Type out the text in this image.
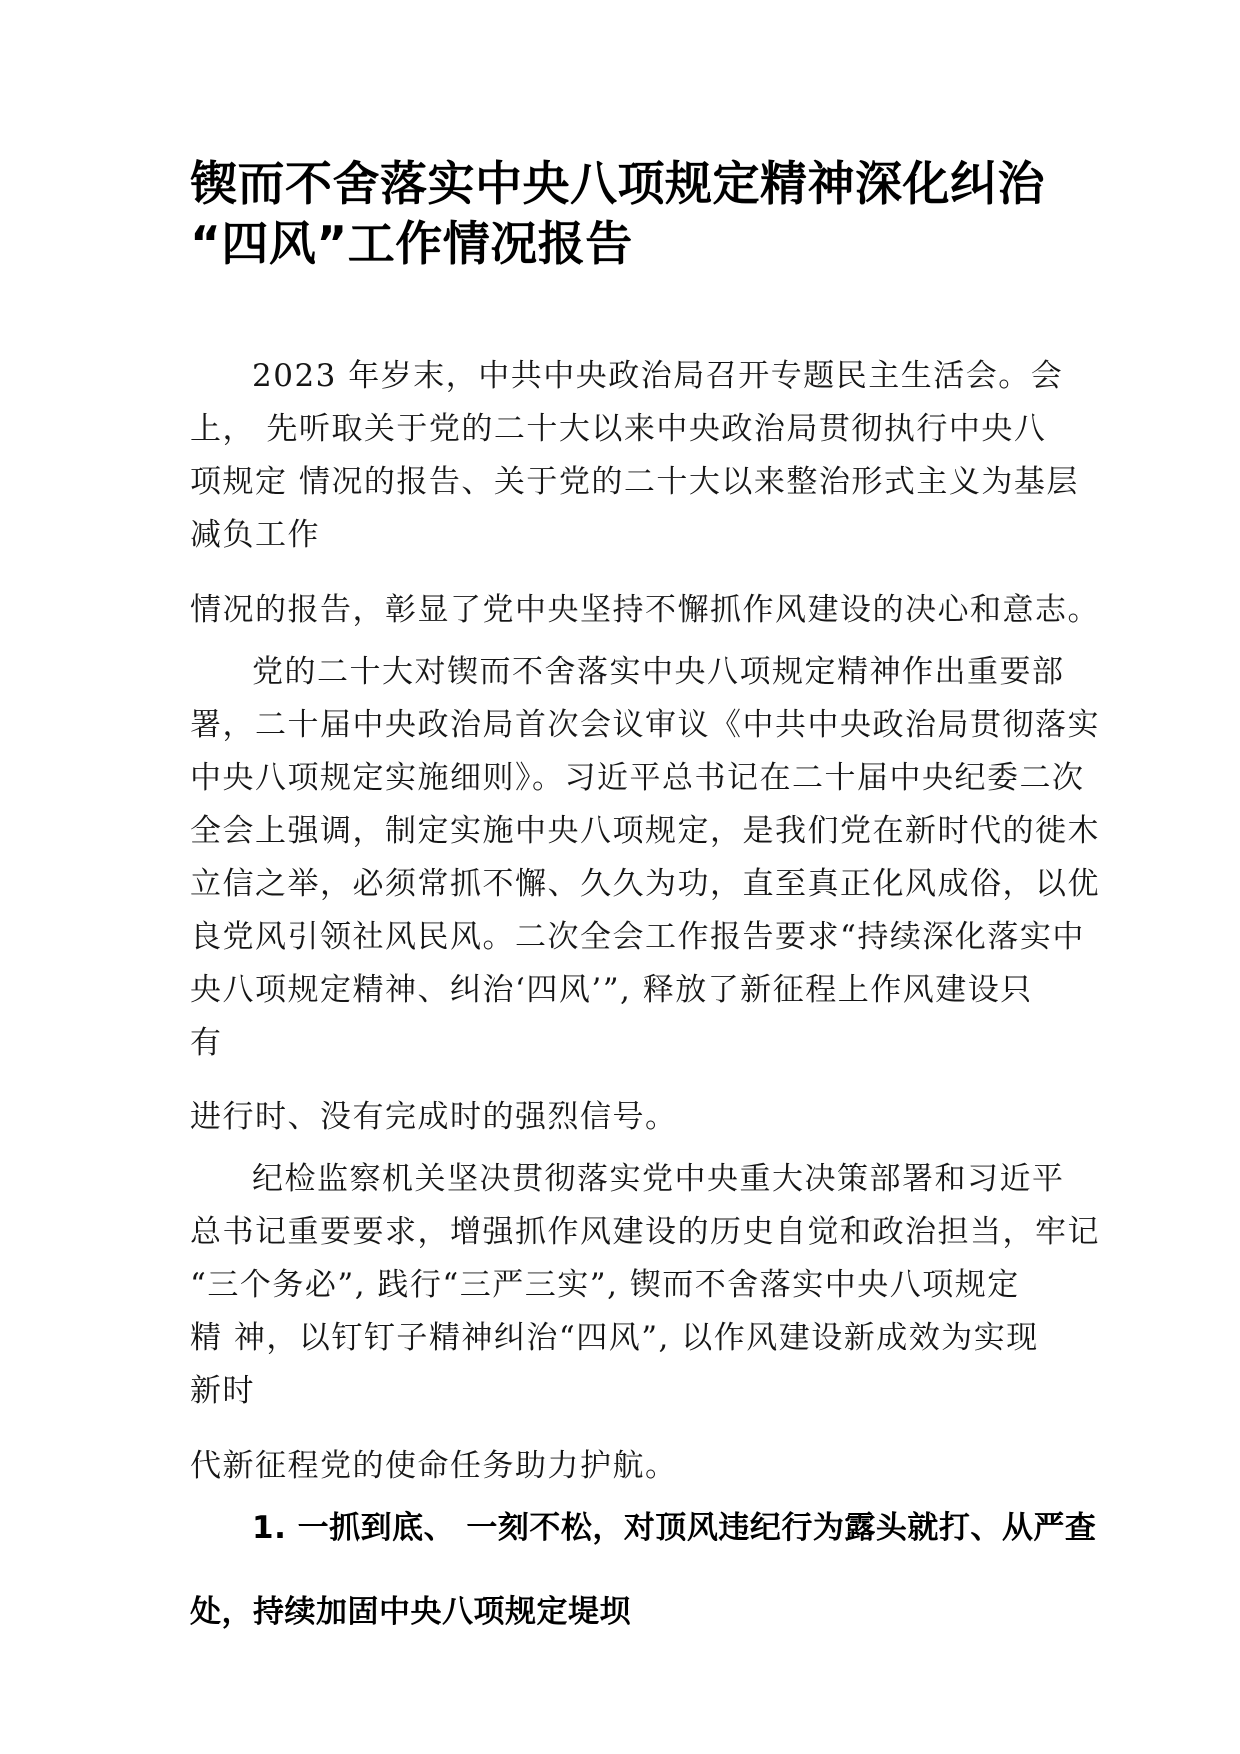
锲而不舍落实中央八项规定精神深化纠治
“四风”工作情况报告

2023 年岁末，中共中央政治局召开专题民主生活会。会

上， 先听取关于党的二十大以来中央政治局贯彻执行中央八

项规定 情况的报告、关于党的二十大以来整治形式主义为基层

减负工作

情况的报告，彰显了党中央坚持不懈抓作风建设的决心和意志。

党的二十大对锲而不舍落实中央八项规定精神作出重要部

署，二十届中央政治局首次会议审议《中共中央政治局贯彻落实

中央八项规定实施细则》。习近平总书记在二十届中央纪委二次

全会上强调，制定实施中央八项规定，是我们党在新时代的徙木

立信之举，必须常抓不懈、久久为功，直至真正化风成俗，以优

良党风引领社风民风。二次全会工作报告要求“持续深化落实中

央八项规定精神、纠治‘四风’”, 释放了新征程上作风建设只

有

进行时、没有完成时的强烈信号。

纪检监察机关坚决贯彻落实党中央重大决策部署和习近平

总书记重要要求，增强抓作风建设的历史自觉和政治担当，牢记

“三个务必”, 践行“三严三实”, 锲而不舍落实中央八项规定

精 神，以钉钉子精神纠治“四风”, 以作风建设新成效为实现

新时

代新征程党的使命任务助力护航。

1. 一抓到底、 一刻不松，对顶风违纪行为露头就打、从严查

处，持续加固中央八项规定堤坝
